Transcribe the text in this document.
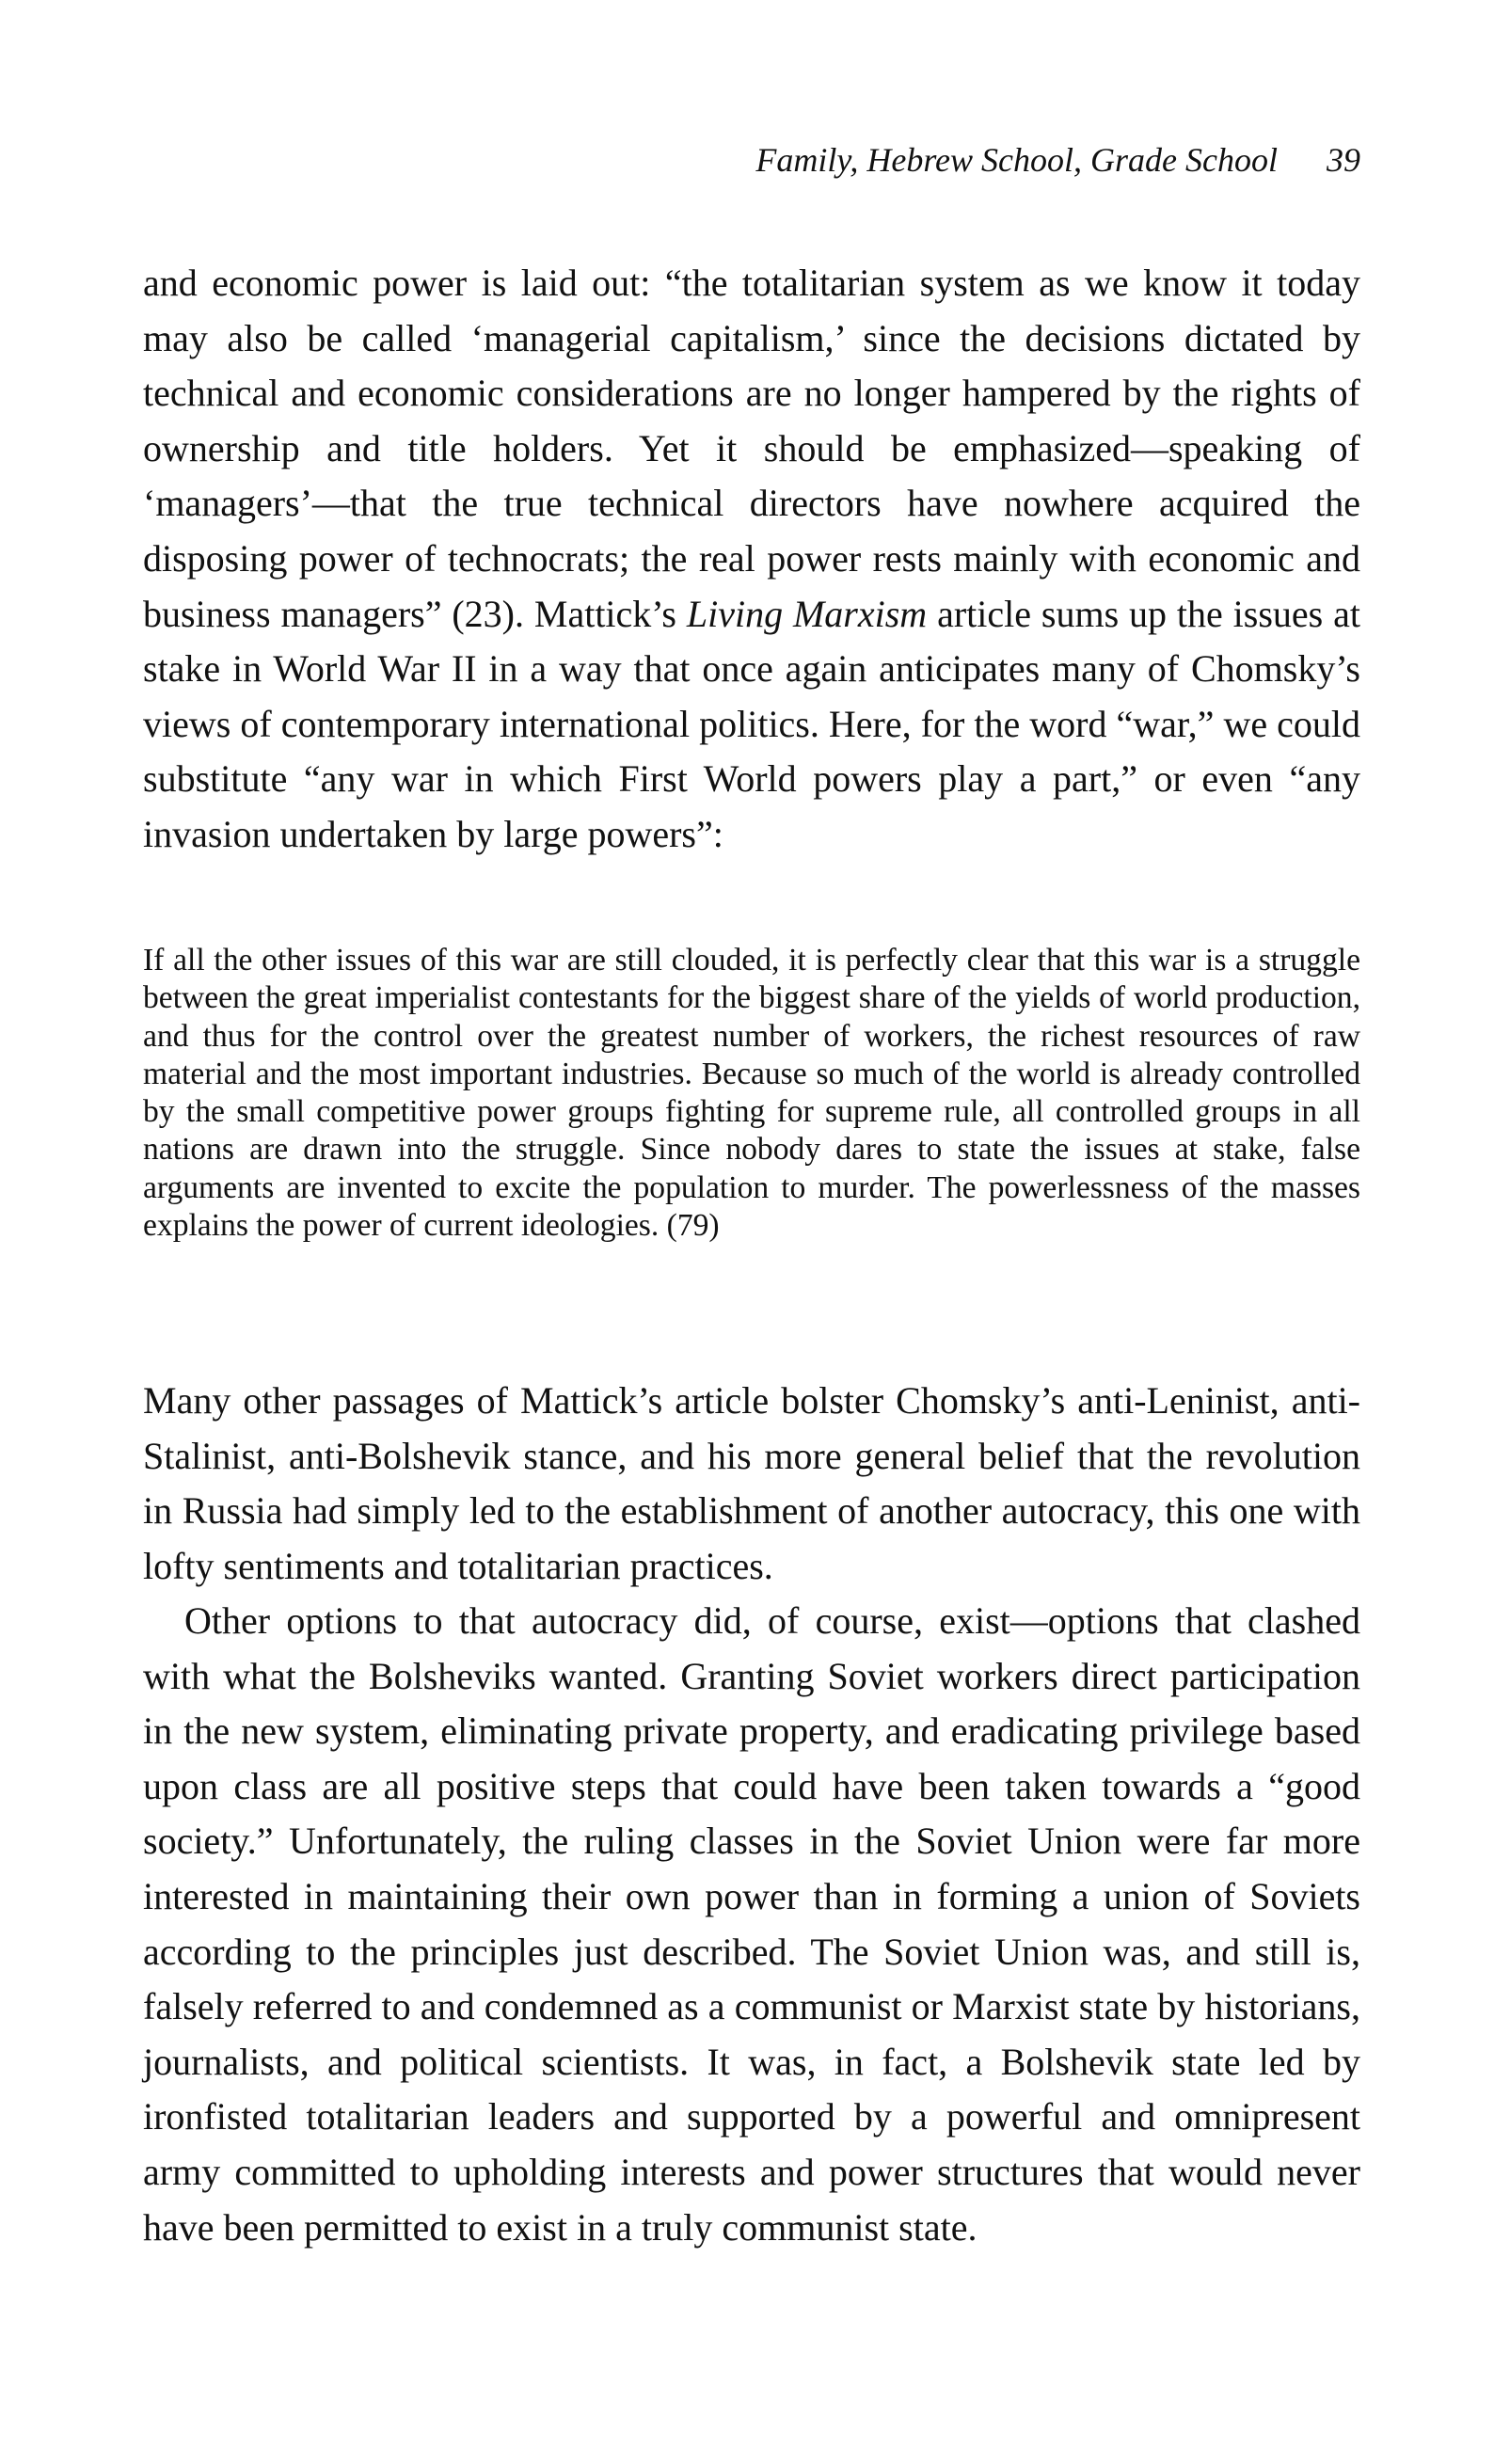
Family, Hebrew School, Grade School 39

and economic power is laid out: “the totalitarian system as we know it today may also be called ‘managerial capitalism,’ since the decisions dictated by technical and economic considerations are no longer hampered by the rights of ownership and title holders. Yet it should be emphasized—speaking of ‘managers’—that the true technical directors have nowhere acquired the disposing power of technocrats; the real power rests mainly with economic and business managers” (23). Mattick’s Living Marxism article sums up the issues at stake in World War II in a way that once again anticipates many of Chomsky’s views of contemporary international politics. Here, for the word “war,” we could substitute “any war in which First World powers play a part,” or even “any invasion undertaken by large powers”:

If all the other issues of this war are still clouded, it is perfectly clear that this war is a struggle between the great imperialist contestants for the biggest share of the yields of world production, and thus for the control over the greatest number of workers, the richest resources of raw material and the most important industries. Because so much of the world is already controlled by the small competitive power groups fighting for supreme rule, all controlled groups in all nations are drawn into the struggle. Since nobody dares to state the issues at stake, false arguments are invented to excite the population to murder. The powerlessness of the masses explains the power of current ideologies. (79)

Many other passages of Mattick’s article bolster Chomsky’s anti-Leninist, anti-Stalinist, anti-Bolshevik stance, and his more general belief that the revolution in Russia had simply led to the establishment of another autocracy, this one with lofty sentiments and totalitarian practices.

Other options to that autocracy did, of course, exist—options that clashed with what the Bolsheviks wanted. Granting Soviet workers direct participation in the new system, eliminating private property, and eradicating privilege based upon class are all positive steps that could have been taken towards a “good society.” Unfortunately, the ruling classes in the Soviet Union were far more interested in maintaining their own power than in forming a union of Soviets according to the principles just described. The Soviet Union was, and still is, falsely referred to and condemned as a communist or Marxist state by historians, journalists, and political scientists. It was, in fact, a Bolshevik state led by ironfisted totalitarian leaders and supported by a powerful and omnipresent army committed to upholding interests and power structures that would never have been permitted to exist in a truly communist state.
